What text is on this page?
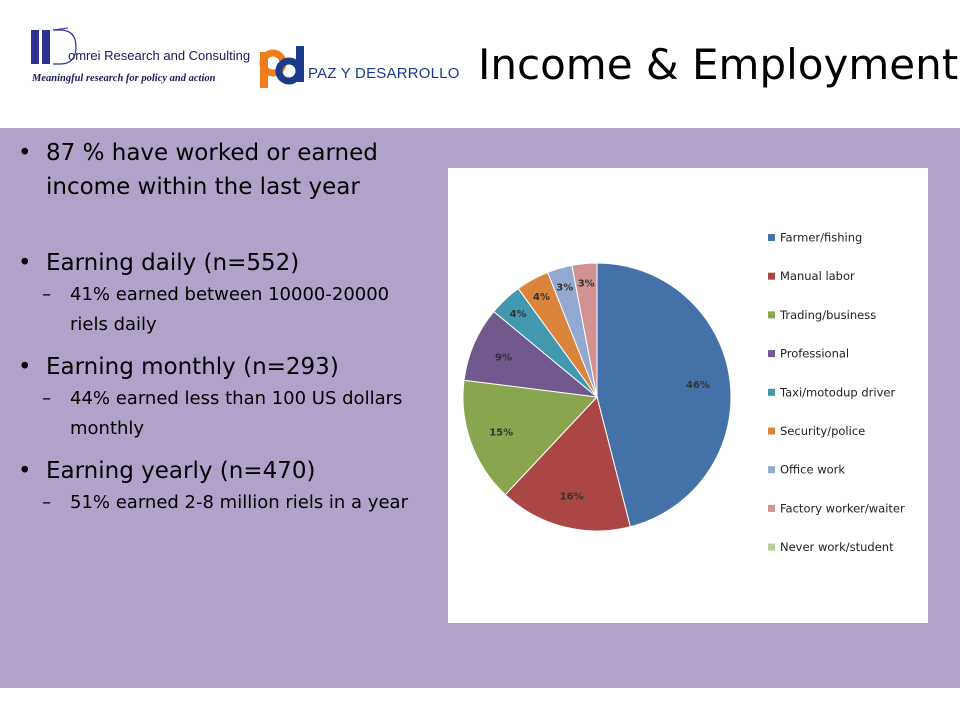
omrei Research and Consulting
Meaningful research for policy and action	PAZ Y DESARROLLO Income & Employment
• 87 % have worked or earned income within the last year
• Earning daily (n=552)
– 41% earned between 10000-20000 riels daily
• Earning monthly (n=293)
– 44% earned less than 100 US dollars monthly
• Earning yearly (n=470)
– 51% earned 2-8 million riels in a year
46%
16%
15%
9%
4%
4%
3% 3%
Farmer/fishing
Manual labor
Trading/business
Professional
Taxi/motodup driver
Security/police
Office work
Factory worker/waiter
Never work/student
